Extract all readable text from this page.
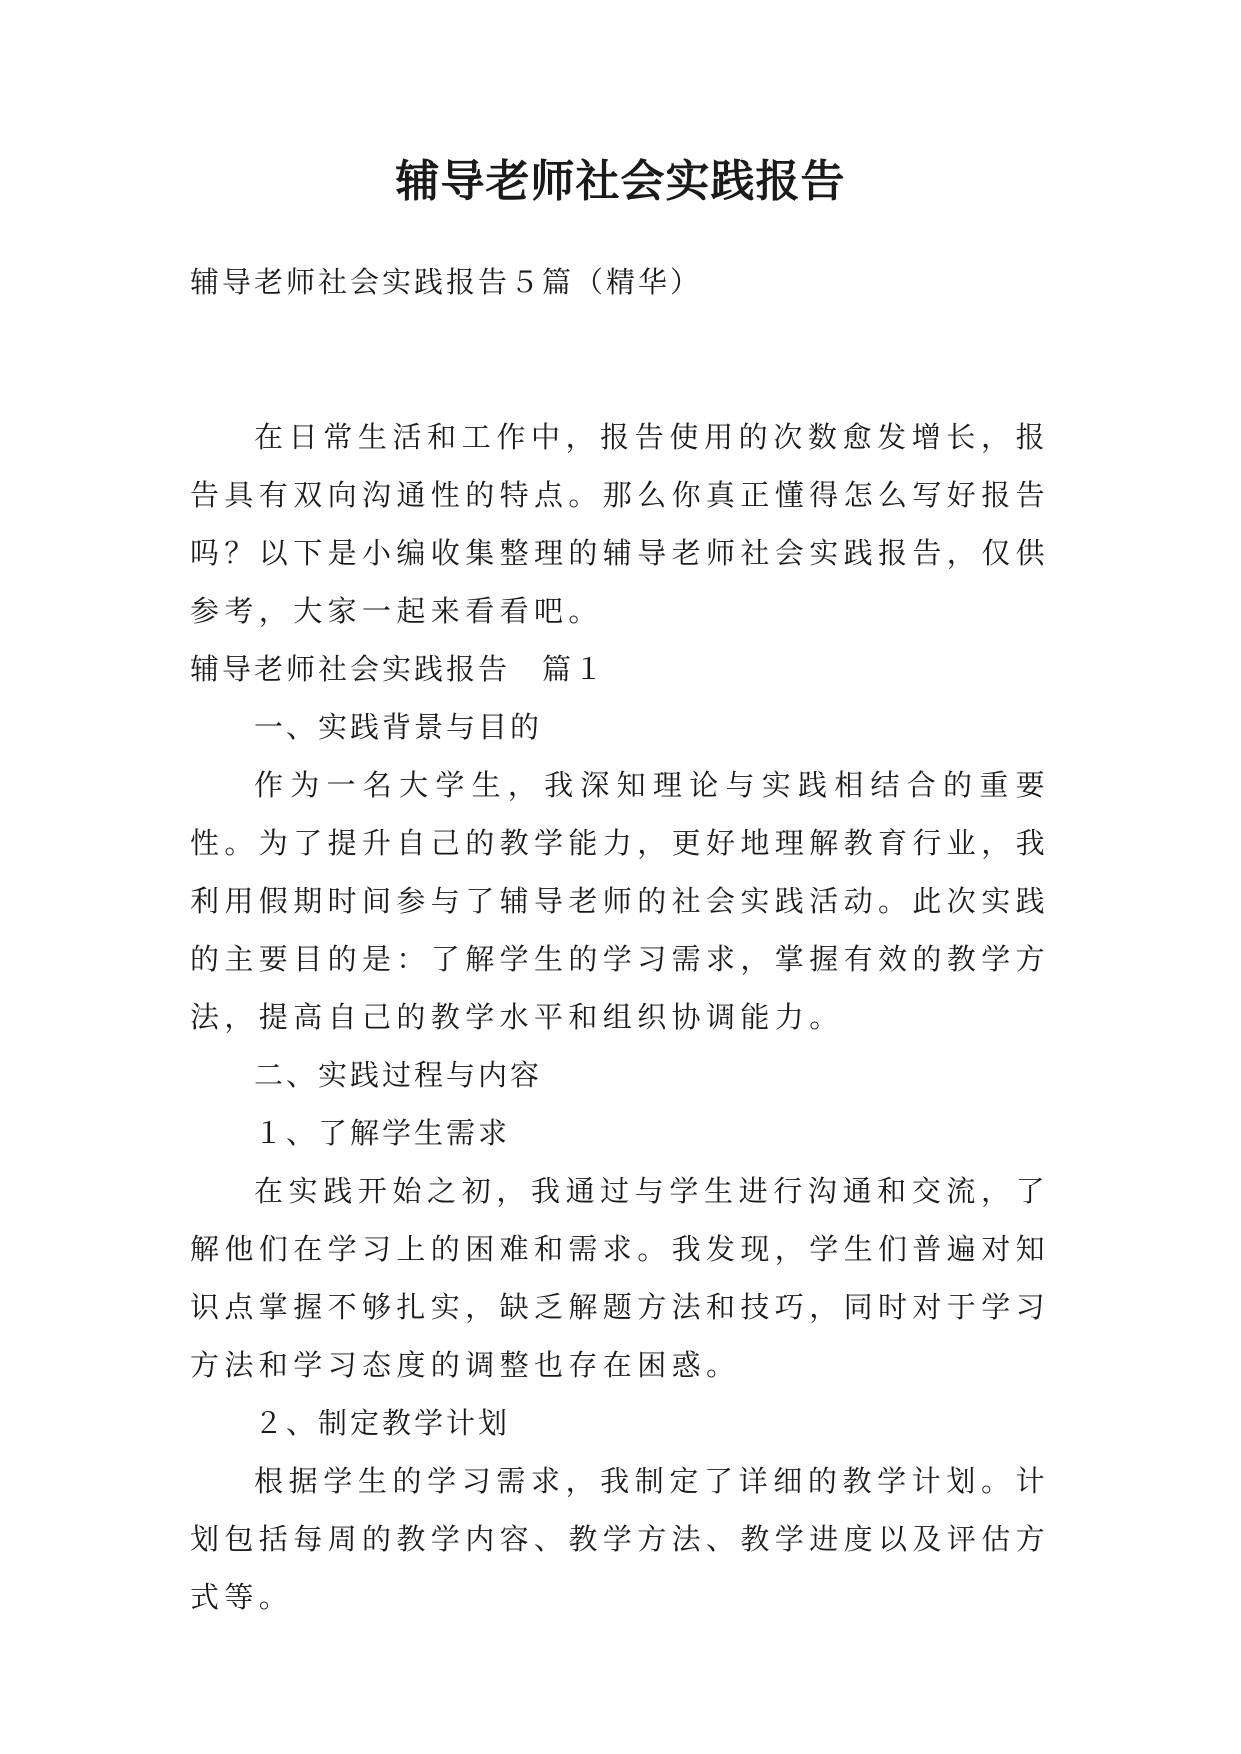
辅导老师社会实践报告

辅导老师社会实践报告５篇（精华）

在日常生活和工作中，报告使用的次数愈发增长，报告具有双向沟通性的特点。那么你真正懂得怎么写好报告吗？以下是小编收集整理的辅导老师社会实践报告，仅供参考，大家一起来看看吧。

辅导老师社会实践报告　篇１

一、实践背景与目的

作为一名大学生，我深知理论与实践相结合的重要性。为了提升自己的教学能力，更好地理解教育行业，我利用假期时间参与了辅导老师的社会实践活动。此次实践的主要目的是：了解学生的学习需求，掌握有效的教学方法，提高自己的教学水平和组织协调能力。

二、实践过程与内容

１、了解学生需求

在实践开始之初，我通过与学生进行沟通和交流，了解他们在学习上的困难和需求。我发现，学生们普遍对知识点掌握不够扎实，缺乏解题方法和技巧，同时对于学习方法和学习态度的调整也存在困惑。

２、制定教学计划

根据学生的学习需求，我制定了详细的教学计划。计划包括每周的教学内容、教学方法、教学进度以及评估方式等。
